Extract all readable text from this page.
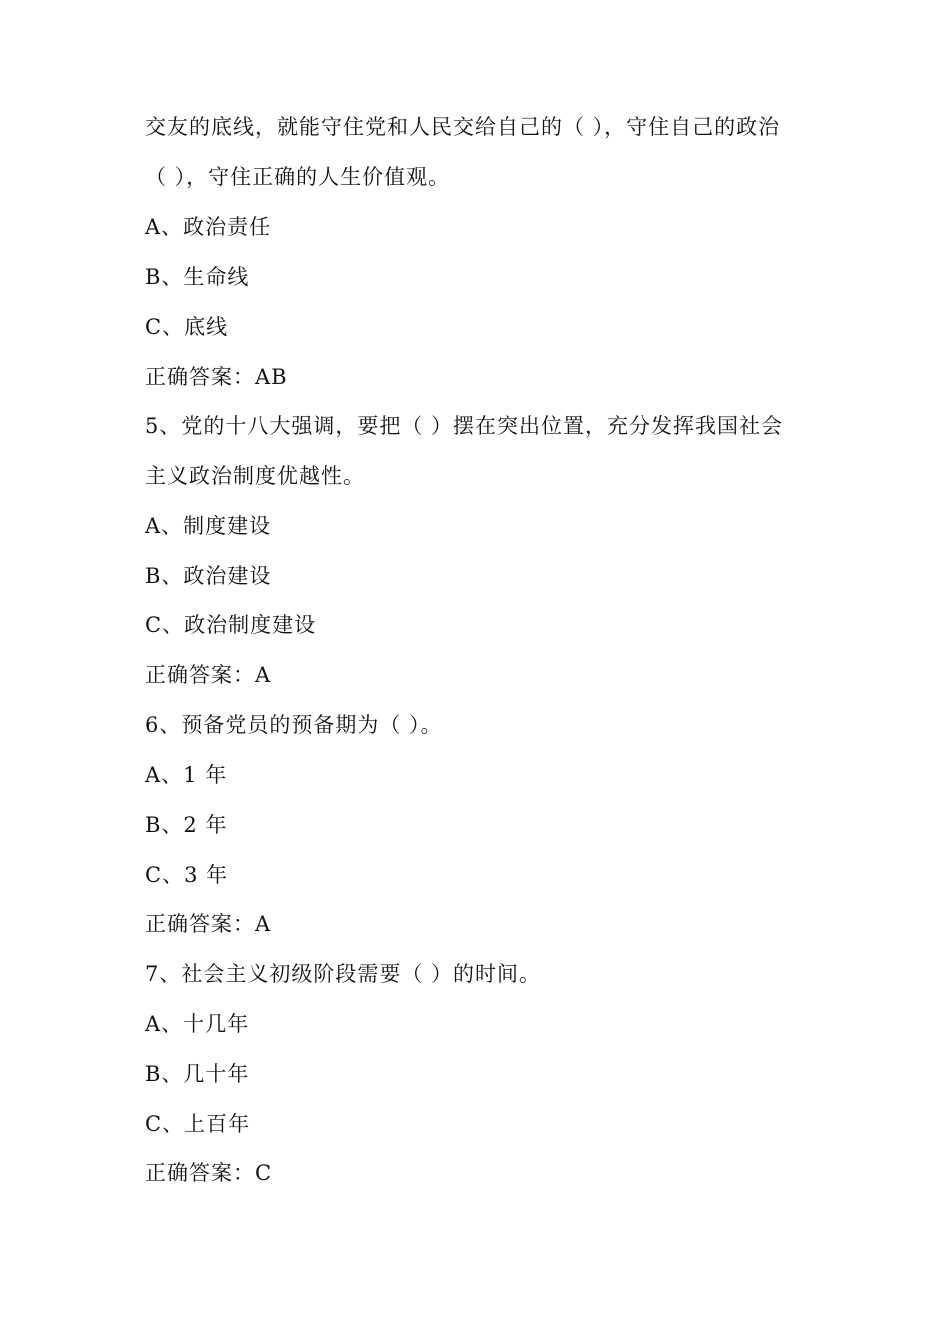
交友的底线，就能守住党和人民交给自己的（ ），守住自己的政治
（ ），守住正确的人生价值观。
A、政治责任
B、生命线
C、底线
正确答案：AB
5、党的十八大强调，要把（ ）摆在突出位置，充分发挥我国社会
主义政治制度优越性。
A、制度建设
B、政治建设
C、政治制度建设
正确答案：A
6、预备党员的预备期为（ ）。
A、1 年
B、2 年
C、3 年
正确答案：A
7、社会主义初级阶段需要（ ）的时间。
A、十几年
B、几十年
C、上百年
正确答案：C
